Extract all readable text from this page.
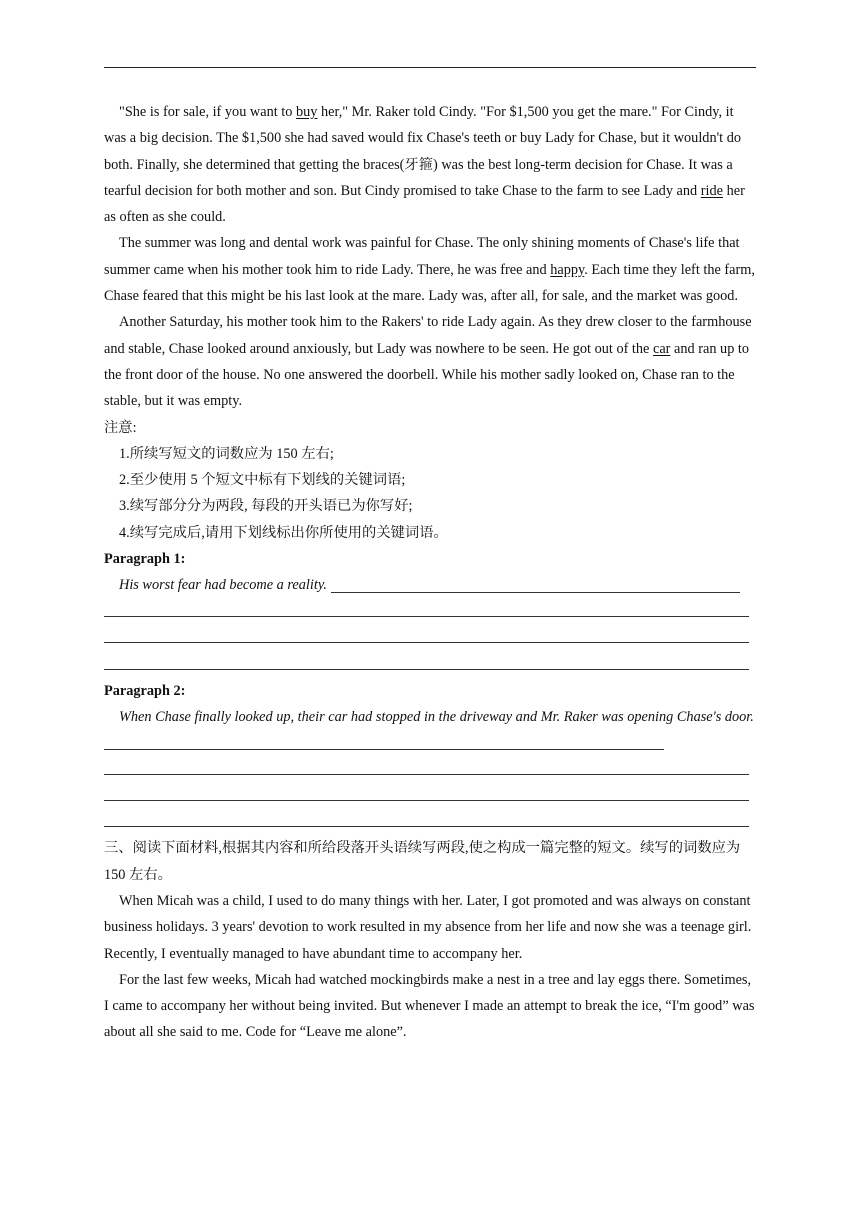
"She is for sale, if you want to buy her," Mr. Raker told Cindy. "For $1,500 you get the mare." For Cindy, it was a big decision. The $1,500 she had saved would fix Chase's teeth or buy Lady for Chase, but it wouldn't do both. Finally, she determined that getting the braces(牙箍) was the best long-term decision for Chase. It was a tearful decision for both mother and son. But Cindy promised to take Chase to the farm to see Lady and ride her as often as she could.

The summer was long and dental work was painful for Chase. The only shining moments of Chase's life that summer came when his mother took him to ride Lady. There, he was free and happy. Each time they left the farm, Chase feared that this might be his last look at the mare. Lady was, after all, for sale, and the market was good.

Another Saturday, his mother took him to the Rakers' to ride Lady again. As they drew closer to the farmhouse and stable, Chase looked around anxiously, but Lady was nowhere to be seen. He got out of the car and ran up to the front door of the house. No one answered the doorbell. While his mother sadly looked on, Chase ran to the stable, but it was empty.

注意:

1.所续写短文的词数应为 150 左右;

2.至少使用 5 个短文中标有下划线的关键词语;

3.续写部分分为两段, 每段的开头语已为你写好;

4.续写完成后,请用下划线标出你所使用的关键词语。

Paragraph 1:

His worst fear had become a reality.

Paragraph 2:

When Chase finally looked up, their car had stopped in the driveway and Mr. Raker was opening Chase's door.

三、阅读下面材料,根据其内容和所给段落开头语续写两段,使之构成一篇完整的短文。续写的词数应为 150 左右。

When Micah was a child, I used to do many things with her. Later, I got promoted and was always on constant business holidays. 3 years' devotion to work resulted in my absence from her life and now she was a teenage girl. Recently, I eventually managed to have abundant time to accompany her.

For the last few weeks, Micah had watched mockingbirds make a nest in a tree and lay eggs there. Sometimes, I came to accompany her without being invited. But whenever I made an attempt to break the ice, “I'm good” was about all she said to me. Code for “Leave me alone”.
